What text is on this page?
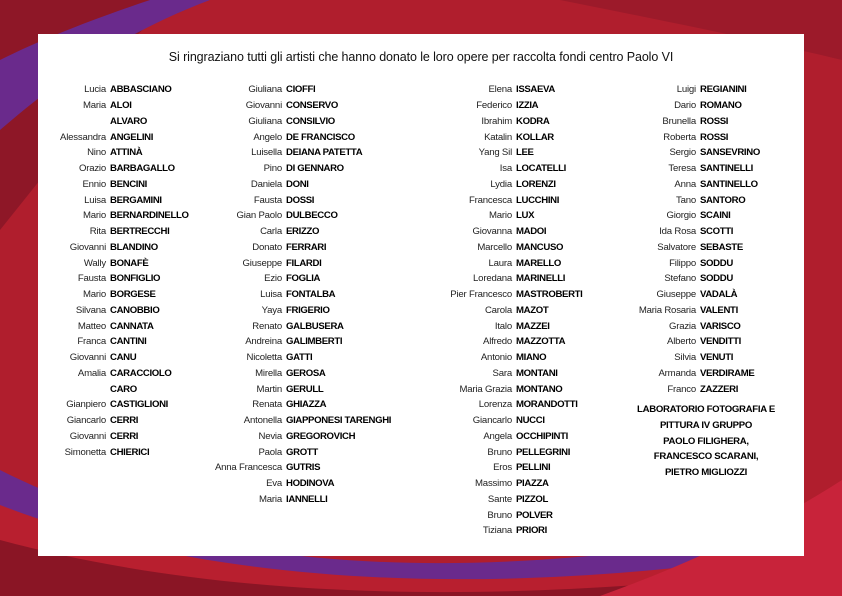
Si ringraziano tutti gli artisti che hanno donato le loro opere per raccolta fondi centro Paolo VI
Lucia ABBASCIANO
Maria ALOI
ALVARO
Alessandra ANGELINI
Nino ATTINÀ
Orazio BARBAGALLO
Ennio BENCINI
Luisa BERGAMINI
Mario BERNARDINELLO
Rita BERTRECCHI
Giovanni BLANDINO
Wally BONAFÈ
Fausta BONFIGLIO
Mario BORGESE
Silvana CANOBBIO
Matteo CANNATA
Franca CANTINI
Giovanni CANU
Amalia CARACCIOLO
CARO
Gianpiero CASTIGLIONI
Giancarlo CERRI
Giovanni CERRI
Simonetta CHIERICI
Giuliana CIOFFI
Giovanni CONSERVO
Giuliana CONSILVIO
Angelo DE FRANCISCO
Luisella DEIANA PATETTA
Pino DI GENNARO
Daniela DONI
Fausta DOSSI
Gian Paolo DULBECCO
Carla ERIZZO
Donato FERRARI
Giuseppe FILARDI
Ezio FOGLIA
Luisa FONTALBA
Yaya FRIGERIO
Renato GALBUSERA
Andreina GALIMBERTI
Nicoletta GATTI
Mirella GEROSA
Martin GERULL
Renata GHIAZZA
Antonella GIAPPONESI TARENGHI
Nevia GREGOROVICH
Paola GROTT
Anna Francesca GUTRIS
Eva HODINOVA
Maria IANNELLI
Elena ISSAEVA
Federico IZZIA
Ibrahim KODRA
Katalin KOLLAR
Yang Sil LEE
Isa LOCATELLI
Lydia LORENZI
Francesca LUCCHINI
Mario LUX
Giovanna MADOI
Marcello MANCUSO
Laura MARELLO
Loredana MARINELLI
Pier Francesco MASTROBERTI
Carola MAZOT
Italo MAZZEI
Alfredo MAZZOTTA
Antonio MIANO
Sara MONTANI
Maria Grazia MONTANO
Lorenza MORANDOTTI
Giancarlo NUCCI
Angela OCCHIPINTI
Bruno PELLEGRINI
Eros PELLINI
Massimo PIAZZA
Sante PIZZOL
Bruno POLVER
Tiziana PRIORI
Luigi REGIANINI
Dario ROMANO
Brunella ROSSI
Roberta ROSSI
Sergio SANSEVRINO
Teresa SANTINELLI
Anna SANTINELLO
Tano SANTORO
Giorgio SCAINI
Ida Rosa SCOTTI
Salvatore SEBASTE
Filippo SODDU
Stefano SODDU
Giuseppe VADALÀ
Maria Rosaria VALENTI
Grazia VARISCO
Alberto VENDITTI
Silvia VENUTI
Armanda VERDIRAME
Franco ZAZZERI
LABORATORIO FOTOGRAFIA E
PITTURA IV GRUPPO
PAOLO FILIGHERA,
FRANCESCO SCARANI,
PIETRO MIGLIOZZI
